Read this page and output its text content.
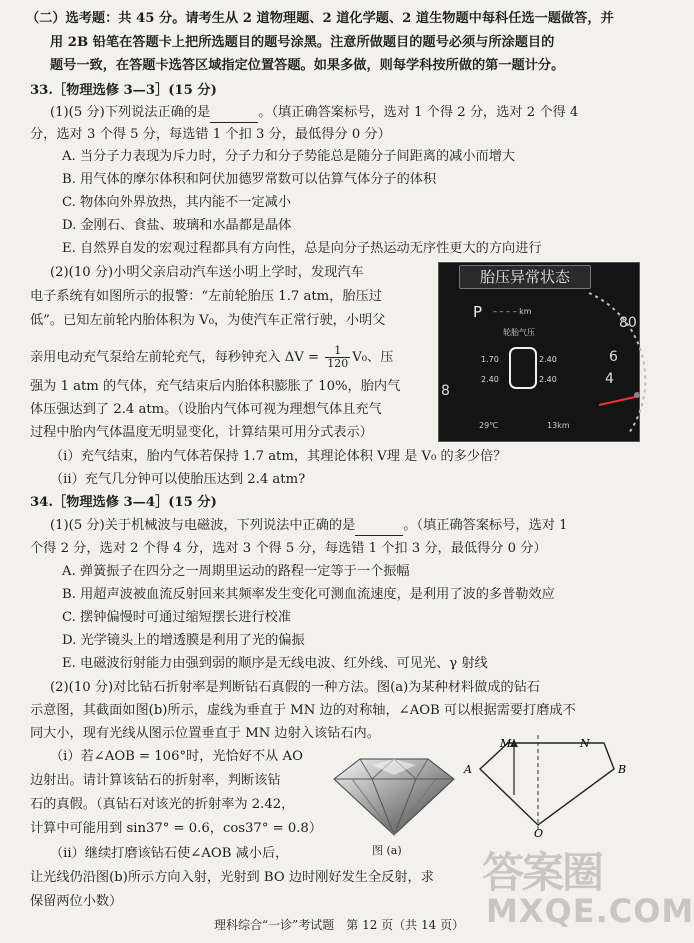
（二）选考题：共 45 分。请考生从 2 道物理题、2 道化学题、2 道生物题中每科任选一题做答，并
用 2B 铅笔在答题卡上把所选题目的题号涂黑。注意所做题目的题号必须与所涂题目的
题号一致，在答题卡选答区域指定位置答题。如果多做，则每学科按所做的第一题计分。
33.［物理选修 3—3］(15 分)
(1)(5 分)下列说法正确的是	。（填正确答案标号，选对 1 个得 2 分，选对 2 个得 4
分，选对 3 个得 5 分，每选错 1 个扣 3 分，最低得分 0 分）
A. 当分子力表现为斥力时，分子力和分子势能总是随分子间距离的减小而增大
B. 用气体的摩尔体积和阿伏加德罗常数可以估算气体分子的体积
C. 物体向外界放热，其内能不一定减小
D. 金刚石、食盐、玻璃和水晶都是晶体
E. 自然界自发的宏观过程都具有方向性，总是向分子热运动无序性更大的方向进行
(2)(10 分)小明父亲启动汽车送小明上学时，发现汽车
电子系统有如图所示的报警：“左前轮胎压 1.7 atm，胎压过
低”。已知左前轮内胎体积为 V₀，为使汽车正常行驶，小明父
亲用电动充气泵给左前轮充气，每秒钟充入 $\Delta V = \frac{1}{120} V_0$、压
强为 1 atm 的气体，充气结束后内胎体积膨胀了 10%，胎内气
体压强达到了 2.4 atm。（设胎内气体可视为理想气体且充气
过程中胎内气体温度无明显变化，计算结果可用分式表示）
（ⅰ）充气结束，胎内气体若保持 1.7 atm，其理论体积 V理 是 V₀ 的多少倍？
（ⅱ）充气几分钟可以使胎压达到 2.4 atm?
胎压异常状态
P – – – – km
轮胎气压
1.70	2.40
2.40	2.40
29℃	13km
80
6
4
8
34.［物理选修 3—4］(15 分)
(1)(5 分)关于机械波与电磁波，下列说法中正确的是	。（填正确答案标号，选对 1
个得 2 分，选对 2 个得 4 分，选对 3 个得 5 分，每选错 1 个扣 3 分，最低得分 0 分）
A. 弹簧振子在四分之一周期里运动的路程一定等于一个振幅
B. 用超声波被血流反射回来其频率发生变化可测血流速度，是利用了波的多普勒效应
C. 摆钟偏慢时可通过缩短摆长进行校准
D. 光学镜头上的增透膜是利用了光的偏振
E. 电磁波衍射能力由强到弱的顺序是无线电波、红外线、可见光、γ 射线
(2)(10 分)对比钻石折射率是判断钻石真假的一种方法。图(a)为某种材料做成的钻石
示意图，其截面如图(b)所示，虚线为垂直于 MN 边的对称轴，∠AOB 可以根据需要打磨成不
同大小，现有光线从图示位置垂直于 MN 边射入该钻石内。
（ⅰ）若∠AOB = 106°时，光恰好不从 AO
边射出。请计算该钻石的折射率，判断该钻
石的真假。（真钻石对该光的折射率为 2.42，
计算中可能用到 sin37° = 0.6，cos37° = 0.8）
（ⅱ）继续打磨该钻石使∠AOB 减小后，
让光线仍沿图(b)所示方向入射，光射到 BO 边时刚好发生全反射，求
保留两位小数）
图 (a)
M	N
A	B
O
理科综合“一诊”考试题　第 12 页（共 14 页）
答案圈
MXQE.COM
